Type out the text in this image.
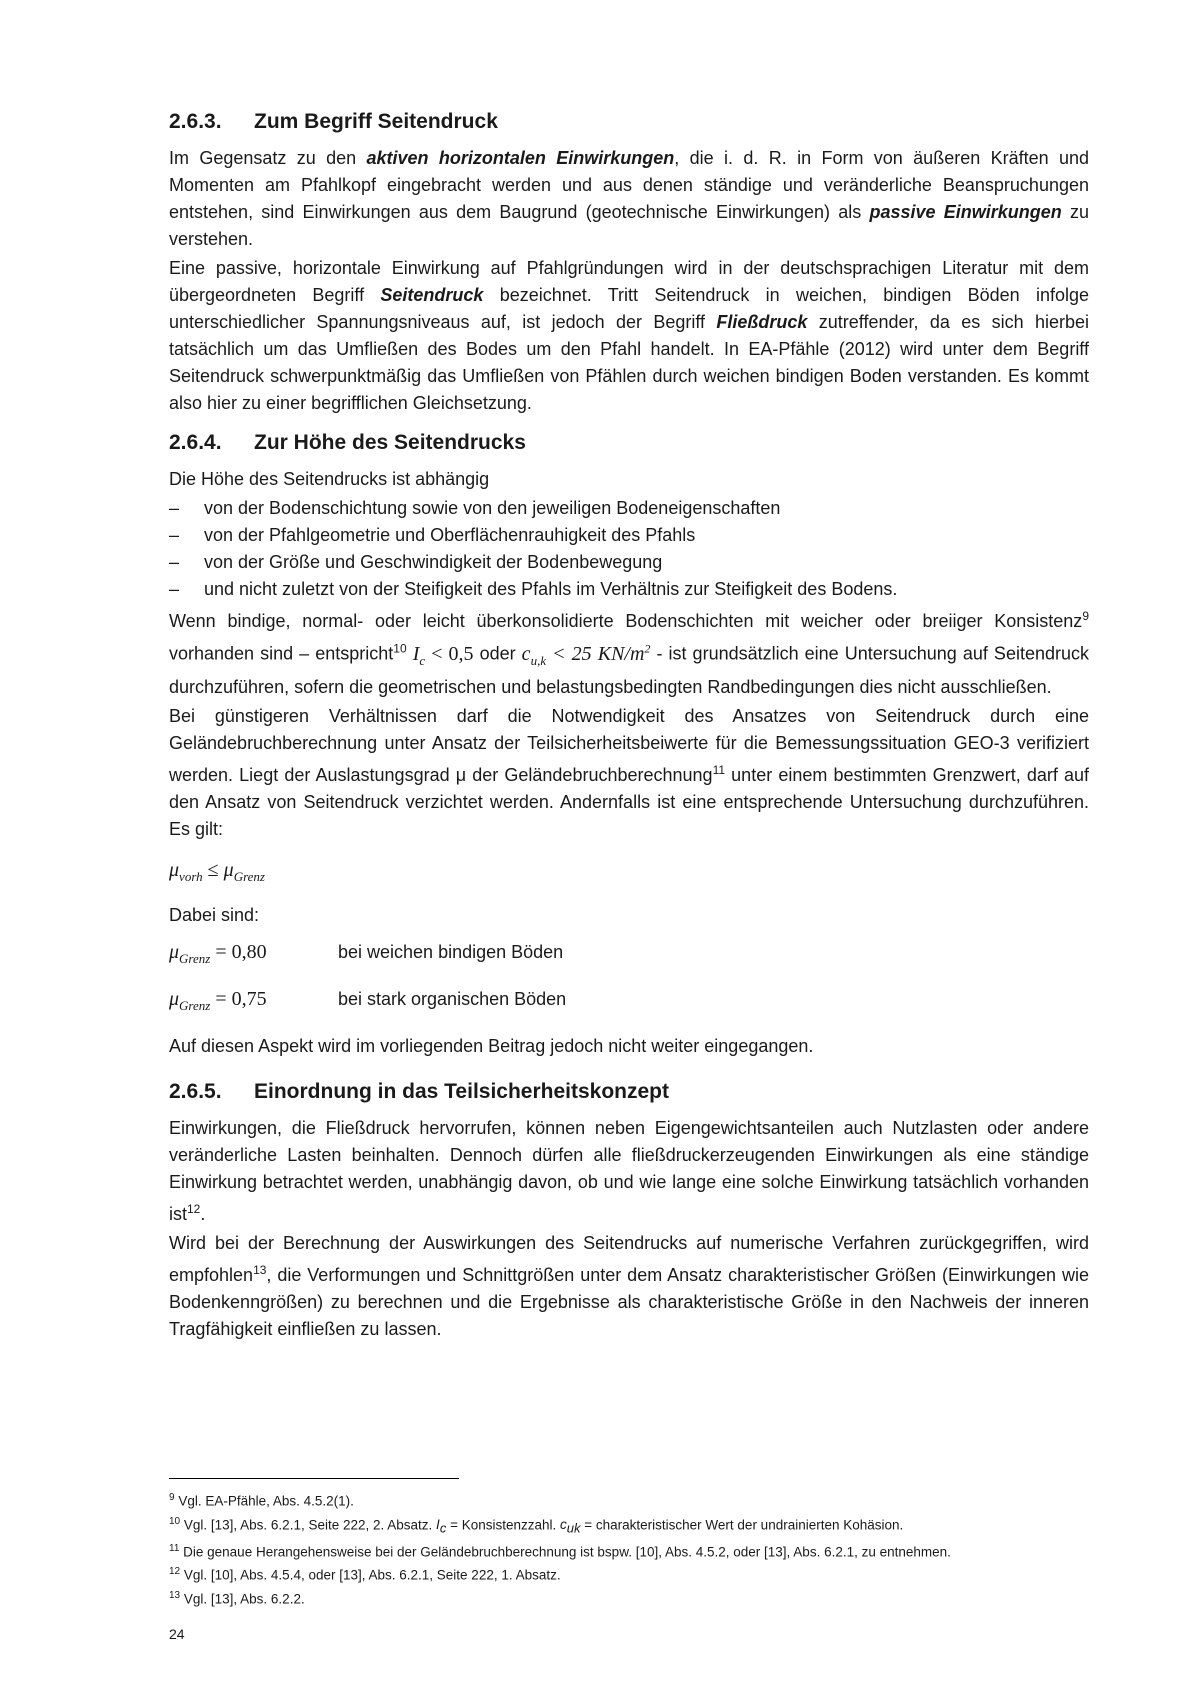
2.6.3. Zum Begriff Seitendruck

Im Gegensatz zu den aktiven horizontalen Einwirkungen, die i. d. R. in Form von äußeren Kräften und Momenten am Pfahlkopf eingebracht werden und aus denen ständige und veränderliche Beanspruchungen entstehen, sind Einwirkungen aus dem Baugrund (geotechnische Einwirkungen) als passive Einwirkungen zu verstehen.

Eine passive, horizontale Einwirkung auf Pfahlgründungen wird in der deutschsprachigen Literatur mit dem übergeordneten Begriff Seitendruck bezeichnet. Tritt Seitendruck in weichen, bindigen Böden infolge unterschiedlicher Spannungsniveaus auf, ist jedoch der Begriff Fließdruck zutreffender, da es sich hierbei tatsächlich um das Umfließen des Bodes um den Pfahl handelt. In EA-Pfähle (2012) wird unter dem Begriff Seitendruck schwerpunktmäßig das Umfließen von Pfählen durch weichen bindigen Boden verstanden. Es kommt also hier zu einer begrifflichen Gleichsetzung.

2.6.4. Zur Höhe des Seitendrucks

Die Höhe des Seitendrucks ist abhängig

– von der Bodenschichtung sowie von den jeweiligen Bodeneigenschaften
– von der Pfahlgeometrie und Oberflächenrauhigkeit des Pfahls
– von der Größe und Geschwindigkeit der Bodenbewegung
– und nicht zuletzt von der Steifigkeit des Pfahls im Verhältnis zur Steifigkeit des Bodens.

Wenn bindige, normal- oder leicht überkonsolidierte Bodenschichten mit weicher oder breiiger Konsistenz$^9$ vorhanden sind – entspricht$^{10}$ $I_c < 0,5$ oder $c_{u,k} < 25$ $KN/m^2$ - ist grundsätzlich eine Untersuchung auf Seitendruck durchzuführen, sofern die geometrischen und belastungsbedingten Randbedingungen dies nicht ausschließen.

Bei günstigeren Verhältnissen darf die Notwendigkeit des Ansatzes von Seitendruck durch eine Geländebruchberechnung unter Ansatz der Teilsicherheitsbeiwerte für die Bemessungssituation GEO-3 verifiziert werden. Liegt der Auslastungsgrad μ der Geländebruchberechnung$^{11}$ unter einem bestimmten Grenzwert, darf auf den Ansatz von Seitendruck verzichtet werden. Andernfalls ist eine entsprechende Untersuchung durchzuführen. Es gilt:

$\mu_{vorh} \le \mu_{Grenz}$

Dabei sind:

$\mu_{Grenz} = 0,80$	bei weichen bindigen Böden
$\mu_{Grenz} = 0,75$	bei stark organischen Böden

Auf diesen Aspekt wird im vorliegenden Beitrag jedoch nicht weiter eingegangen.

2.6.5. Einordnung in das Teilsicherheitskonzept

Einwirkungen, die Fließdruck hervorrufen, können neben Eigengewichtsanteilen auch Nutzlasten oder andere veränderliche Lasten beinhalten. Dennoch dürfen alle fließdruckerzeugenden Einwirkungen als eine ständige Einwirkung betrachtet werden, unabhängig davon, ob und wie lange eine solche Einwirkung tatsächlich vorhanden ist$^{12}$.

Wird bei der Berechnung der Auswirkungen des Seitendrucks auf numerische Verfahren zurückgegriffen, wird empfohlen$^{13}$, die Verformungen und Schnittgrößen unter dem Ansatz charakteristischer Größen (Einwirkungen wie Bodenkenngrößen) zu berechnen und die Ergebnisse als charakteristische Größe in den Nachweis der inneren Tragfähigkeit einfließen zu lassen.

$^9$ Vgl. EA-Pfähle, Abs. 4.5.2(1).
$^{10}$ Vgl. [13], Abs. 6.2.1, Seite 222, 2. Absatz. $I_c$ = Konsistenzzahl. $c_{uk}$ = charakteristischer Wert der undrainierten Kohäsion.
$^{11}$ Die genaue Herangehensweise bei der Geländebruchberechnung ist bspw. [10], Abs. 4.5.2, oder [13], Abs. 6.2.1, zu entnehmen.
$^{12}$ Vgl. [10], Abs. 4.5.4, oder [13], Abs. 6.2.1, Seite 222, 1. Absatz.
$^{13}$ Vgl. [13], Abs. 6.2.2.
24
